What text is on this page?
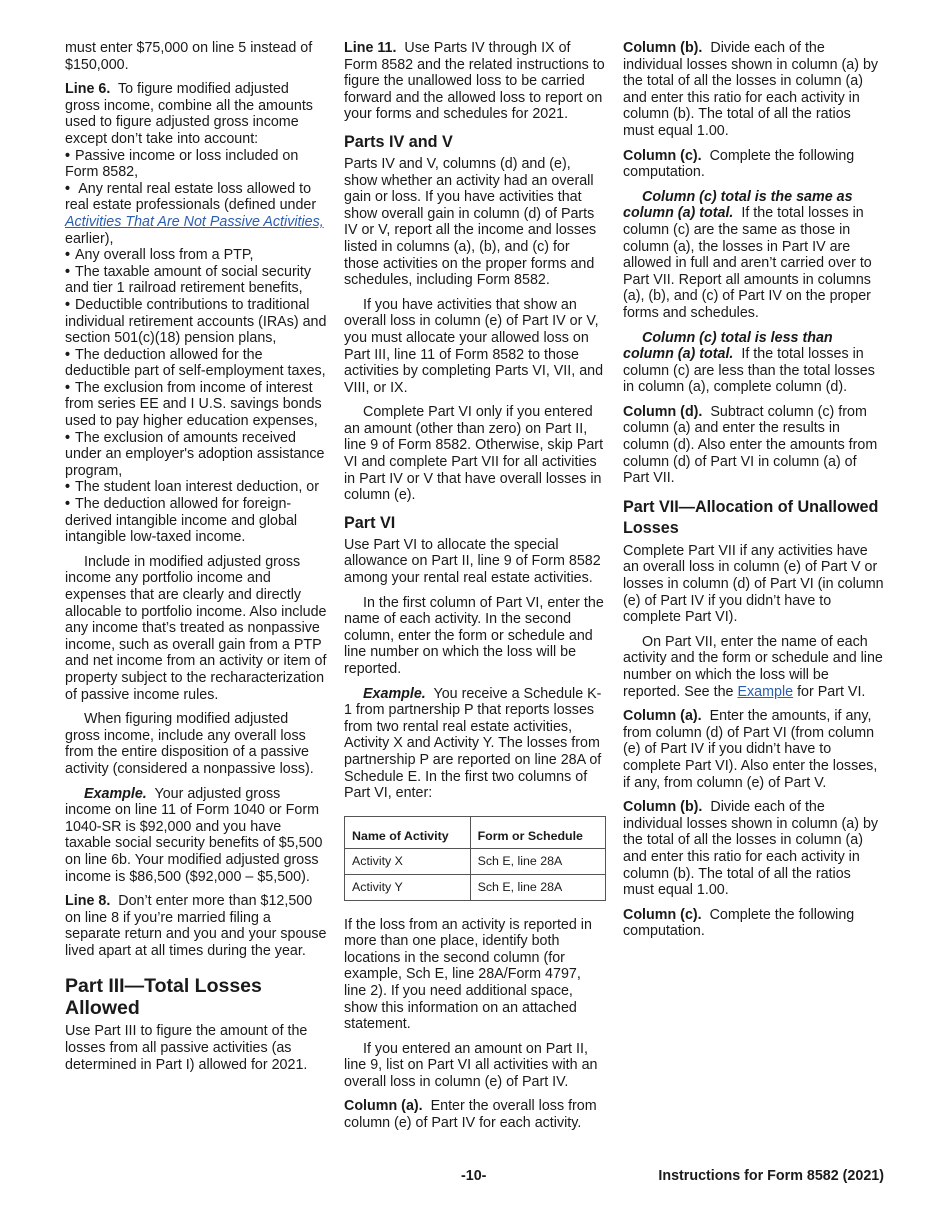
must enter $75,000 on line 5 instead of $150,000.

Line 6. To figure modified adjusted gross income, combine all the amounts used to figure adjusted gross income except don’t take into account:

• Passive income or loss included on Form 8582,

• Any rental real estate loss allowed to real estate professionals (defined under Activities That Are Not Passive Activities, earlier),

• Any overall loss from a PTP,

• The taxable amount of social security and tier 1 railroad retirement benefits,

• Deductible contributions to traditional individual retirement accounts (IRAs) and section 501(c)(18) pension plans,

• The deduction allowed for the deductible part of self-employment taxes,

• The exclusion from income of interest from series EE and I U.S. savings bonds used to pay higher education expenses,

• The exclusion of amounts received under an employer's adoption assistance program,

• The student loan interest deduction, or

• The deduction allowed for foreign-derived intangible income and global intangible low-taxed income.

Include in modified adjusted gross income any portfolio income and expenses that are clearly and directly allocable to portfolio income. Also include any income that’s treated as nonpassive income, such as overall gain from a PTP and net income from an activity or item of property subject to the recharacterization of passive income rules.

When figuring modified adjusted gross income, include any overall loss from the entire disposition of a passive activity (considered a nonpassive loss).

Example. Your adjusted gross income on line 11 of Form 1040 or Form 1040-SR is $92,000 and you have taxable social security benefits of $5,500 on line 6b. Your modified adjusted gross income is $86,500 ($92,000 – $5,500).

Line 8. Don’t enter more than $12,500 on line 8 if you’re married filing a separate return and you and your spouse lived apart at all times during the year.

Part III—Total Losses Allowed

Use Part III to figure the amount of the losses from all passive activities (as determined in Part I) allowed for 2021.

Line 11. Use Parts IV through IX of Form 8582 and the related instructions to figure the unallowed loss to be carried forward and the allowed loss to report on your forms and schedules for 2021.

Parts IV and V

Parts IV and V, columns (d) and (e), show whether an activity had an overall gain or loss. If you have activities that show overall gain in column (d) of Parts IV or V, report all the income and losses listed in columns (a), (b), and (c) for those activities on the proper forms and schedules, including Form 8582.

If you have activities that show an overall loss in column (e) of Part IV or V, you must allocate your allowed loss on Part III, line 11 of Form 8582 to those activities by completing Parts VI, VII, and VIII, or IX.

Complete Part VI only if you entered an amount (other than zero) on Part II, line 9 of Form 8582. Otherwise, skip Part VI and complete Part VII for all activities in Part IV or V that have overall losses in column (e).

Part VI

Use Part VI to allocate the special allowance on Part II, line 9 of Form 8582 among your rental real estate activities.

In the first column of Part VI, enter the name of each activity. In the second column, enter the form or schedule and line number on which the loss will be reported.

Example. You receive a Schedule K-1 from partnership P that reports losses from two rental real estate activities, Activity X and Activity Y. The losses from partnership P are reported on line 28A of Schedule E. In the first two columns of Part VI, enter:

Name of Activity	Form or Schedule
Activity X	Sch E, line 28A
Activity Y	Sch E, line 28A

If the loss from an activity is reported in more than one place, identify both locations in the second column (for example, Sch E, line 28A/Form 4797, line 2). If you need additional space, show this information on an attached statement.

If you entered an amount on Part II, line 9, list on Part VI all activities with an overall loss in column (e) of Part IV.

Column (a). Enter the overall loss from column (e) of Part IV for each activity.

Column (b). Divide each of the individual losses shown in column (a) by the total of all the losses in column (a) and enter this ratio for each activity in column (b). The total of all the ratios must equal 1.00.

Column (c). Complete the following computation.

Column (c) total is the same as column (a) total. If the total losses in column (c) are the same as those in column (a), the losses in Part IV are allowed in full and aren’t carried over to Part VII. Report all amounts in columns (a), (b), and (c) of Part IV on the proper forms and schedules.

Column (c) total is less than column (a) total. If the total losses in column (c) are less than the total losses in column (a), complete column (d).

Column (d). Subtract column (c) from column (a) and enter the results in column (d). Also enter the amounts from column (d) of Part VI in column (a) of Part VII.

Part VII—Allocation of Unallowed Losses

Complete Part VII if any activities have an overall loss in column (e) of Part V or losses in column (d) of Part VI (in column (e) of Part IV if you didn’t have to complete Part VI).

On Part VII, enter the name of each activity and the form or schedule and line number on which the loss will be reported. See the Example for Part VI.

Column (a). Enter the amounts, if any, from column (d) of Part VI (from column (e) of Part IV if you didn’t have to complete Part VI). Also enter the losses, if any, from column (e) of Part V.

Column (b). Divide each of the individual losses shown in column (a) by the total of all the losses in column (a) and enter this ratio for each activity in column (b). The total of all the ratios must equal 1.00.

Column (c). Complete the following computation.

-10-	Instructions for Form 8582 (2021)
